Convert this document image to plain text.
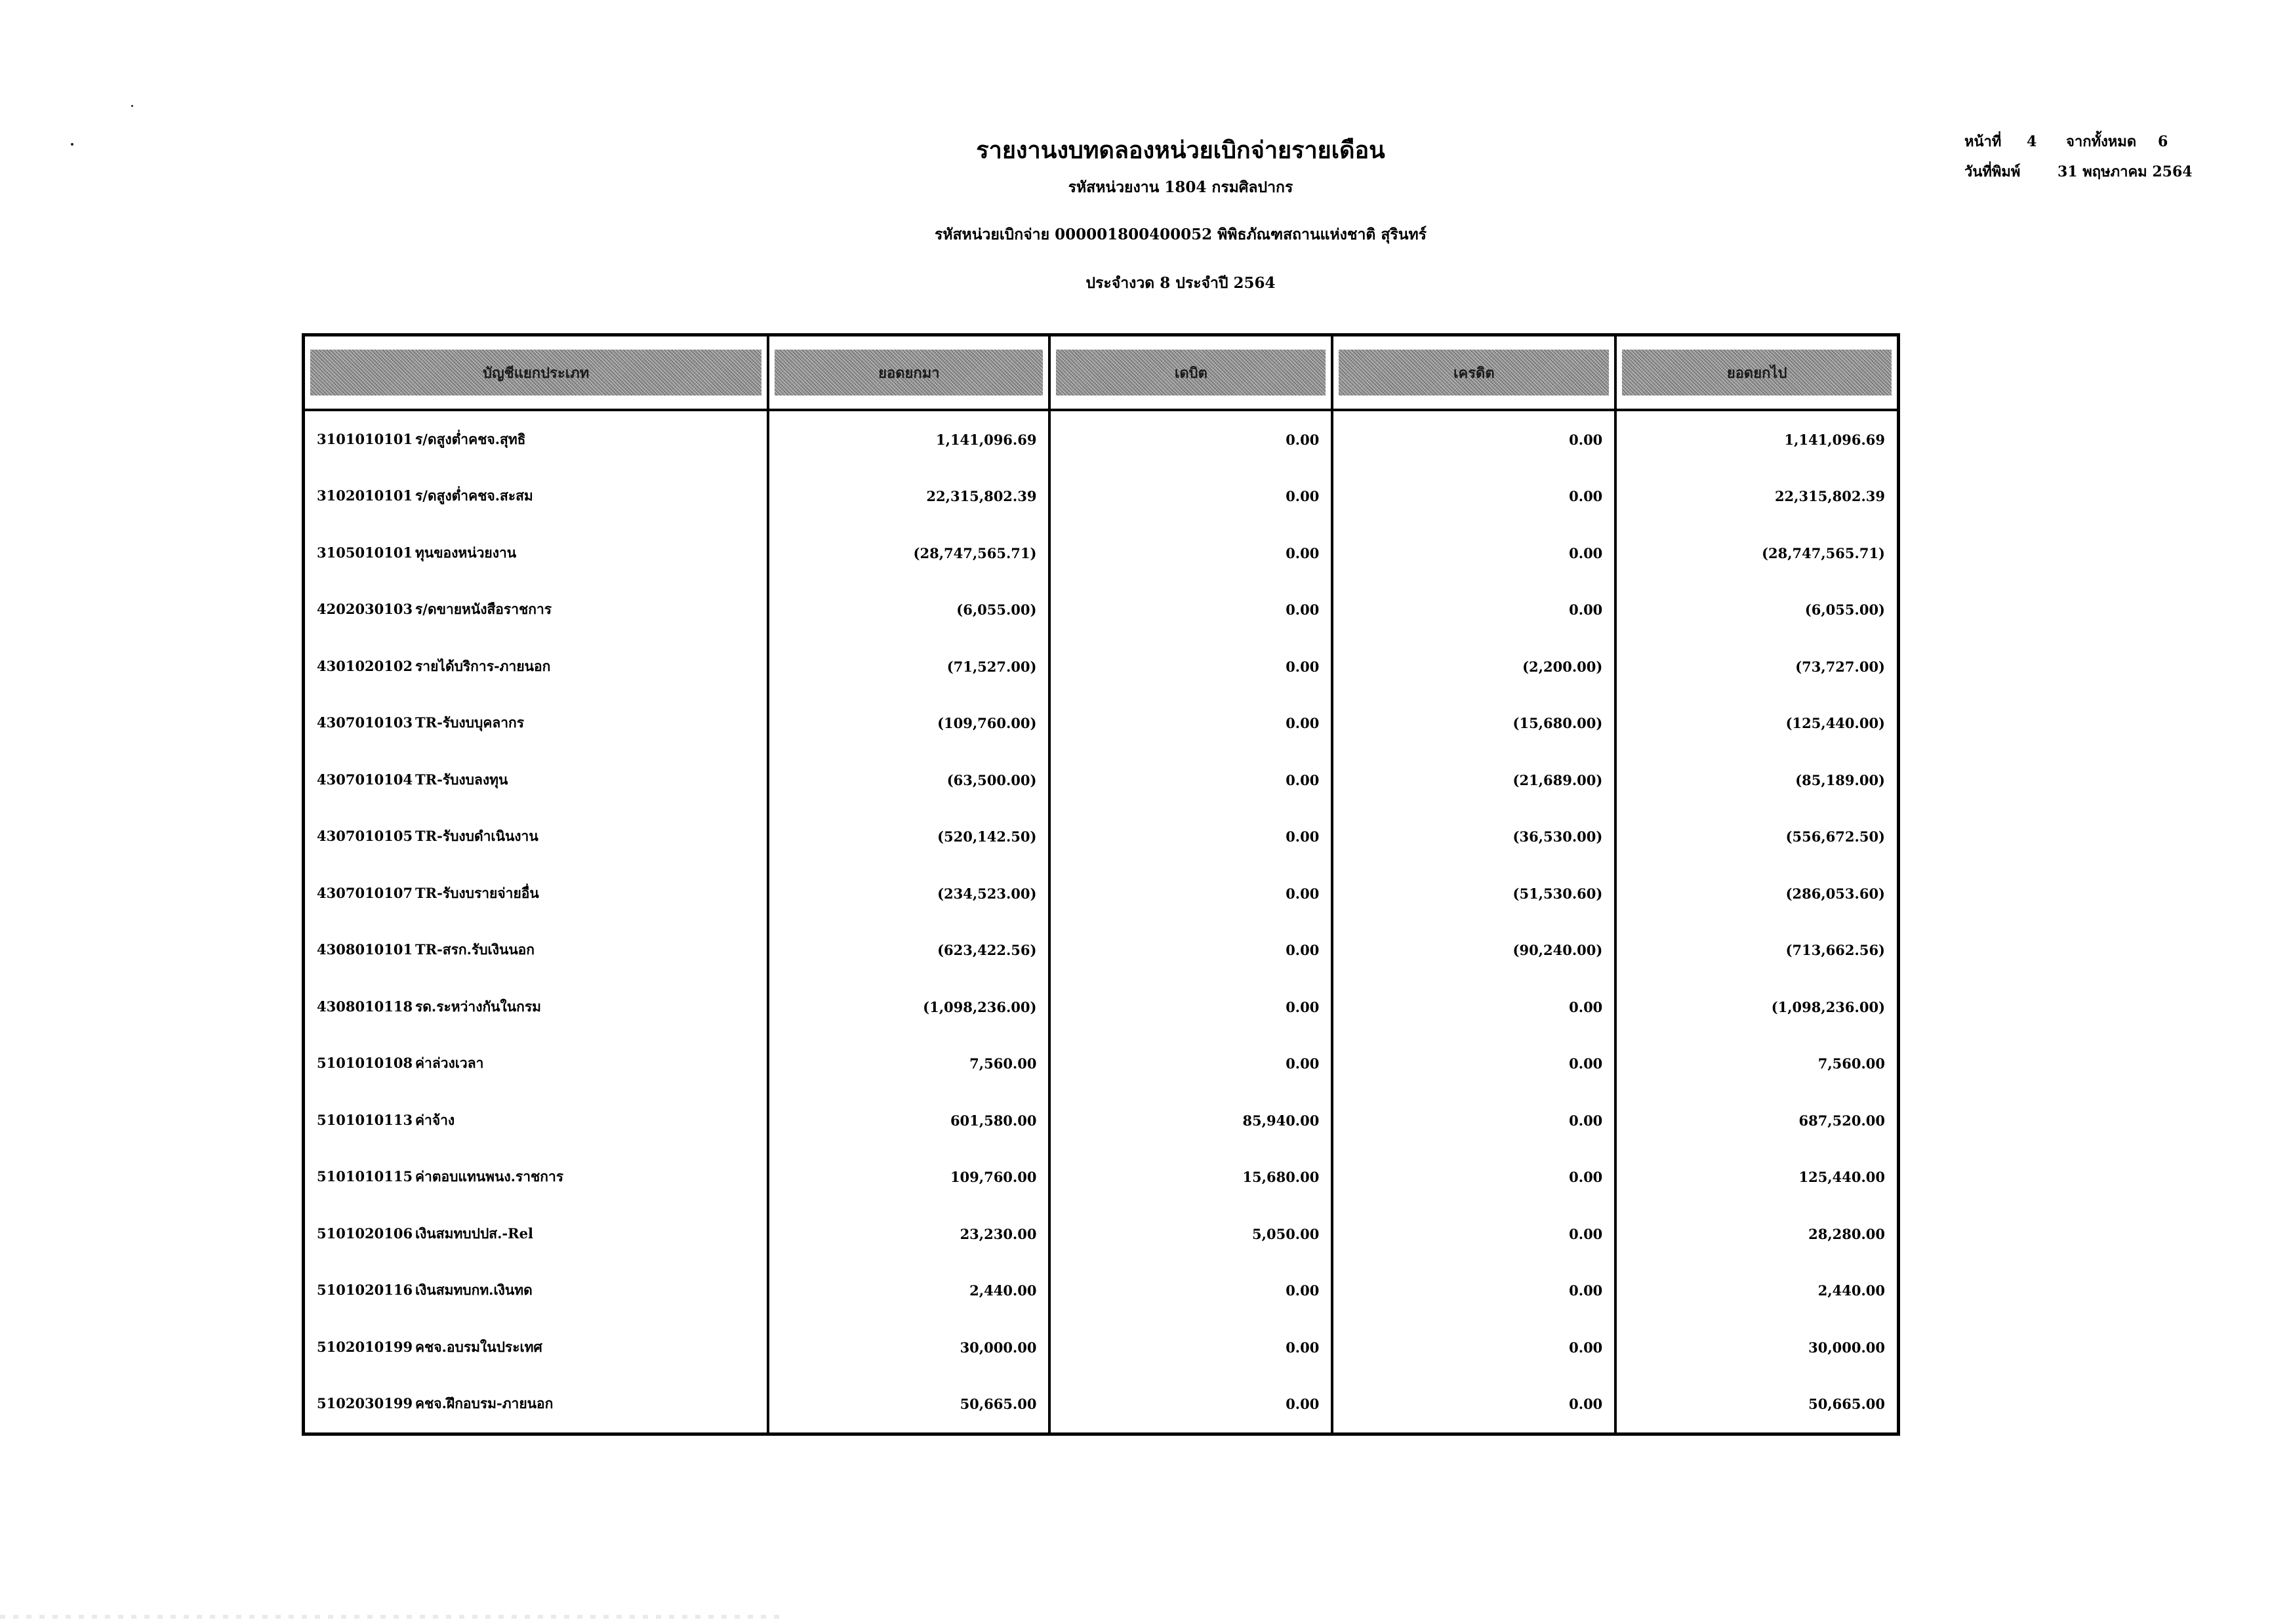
รายงานงบทดลองหน่วยเบิกจ่ายรายเดือน
รหัสหน่วยงาน 1804 กรมศิลปากร
รหัสหน่วยเบิกจ่าย 000001800400052 พิพิธภัณฑสถานแห่งชาติ สุรินทร์
ประจำงวด 8 ประจำปี 2564
หน้าที่ 4 จากทั้งหมด 6
วันที่พิมพ์	31 พฤษภาคม 2564
บัญชีแยกประเภท	ยอดยกมา	เดบิต	เครดิต	ยอดยกไป

3101010101 ร/ดสูงต่ำคชจ.สุทธิ	1,141,096.69	0.00	0.00	1,141,096.69
3102010101 ร/ดสูงต่ำคชจ.สะสม	22,315,802.39	0.00	0.00	22,315,802.39
3105010101 ทุนของหน่วยงาน	(28,747,565.71)	0.00	0.00	(28,747,565.71)
4202030103 ร/ดขายหนังสือราชการ	(6,055.00)	0.00	0.00	(6,055.00)
4301020102 รายได้บริการ-ภายนอก	(71,527.00)	0.00	(2,200.00)	(73,727.00)
4307010103 TR-รับงบบุคลากร	(109,760.00)	0.00	(15,680.00)	(125,440.00)
4307010104 TR-รับงบลงทุน	(63,500.00)	0.00	(21,689.00)	(85,189.00)
4307010105 TR-รับงบดำเนินงาน	(520,142.50)	0.00	(36,530.00)	(556,672.50)
4307010107 TR-รับงบรายจ่ายอื่น	(234,523.00)	0.00	(51,530.60)	(286,053.60)
4308010101 TR-สรก.รับเงินนอก	(623,422.56)	0.00	(90,240.00)	(713,662.56)
4308010118 รด.ระหว่างกันในกรม	(1,098,236.00)	0.00	0.00	(1,098,236.00)
5101010108 ค่าล่วงเวลา	7,560.00	0.00	0.00	7,560.00
5101010113 ค่าจ้าง	601,580.00	85,940.00	0.00	687,520.00
5101010115 ค่าตอบแทนพนง.ราชการ	109,760.00	15,680.00	0.00	125,440.00
5101020106 เงินสมทบปปส.-Rel	23,230.00	5,050.00	0.00	28,280.00
5101020116 เงินสมทบกท.เงินทด	2,440.00	0.00	0.00	2,440.00
5102010199 คชจ.อบรมในประเทศ	30,000.00	0.00	0.00	30,000.00
5102030199 คชจ.ฝึกอบรม-ภายนอก	50,665.00	0.00	0.00	50,665.00
